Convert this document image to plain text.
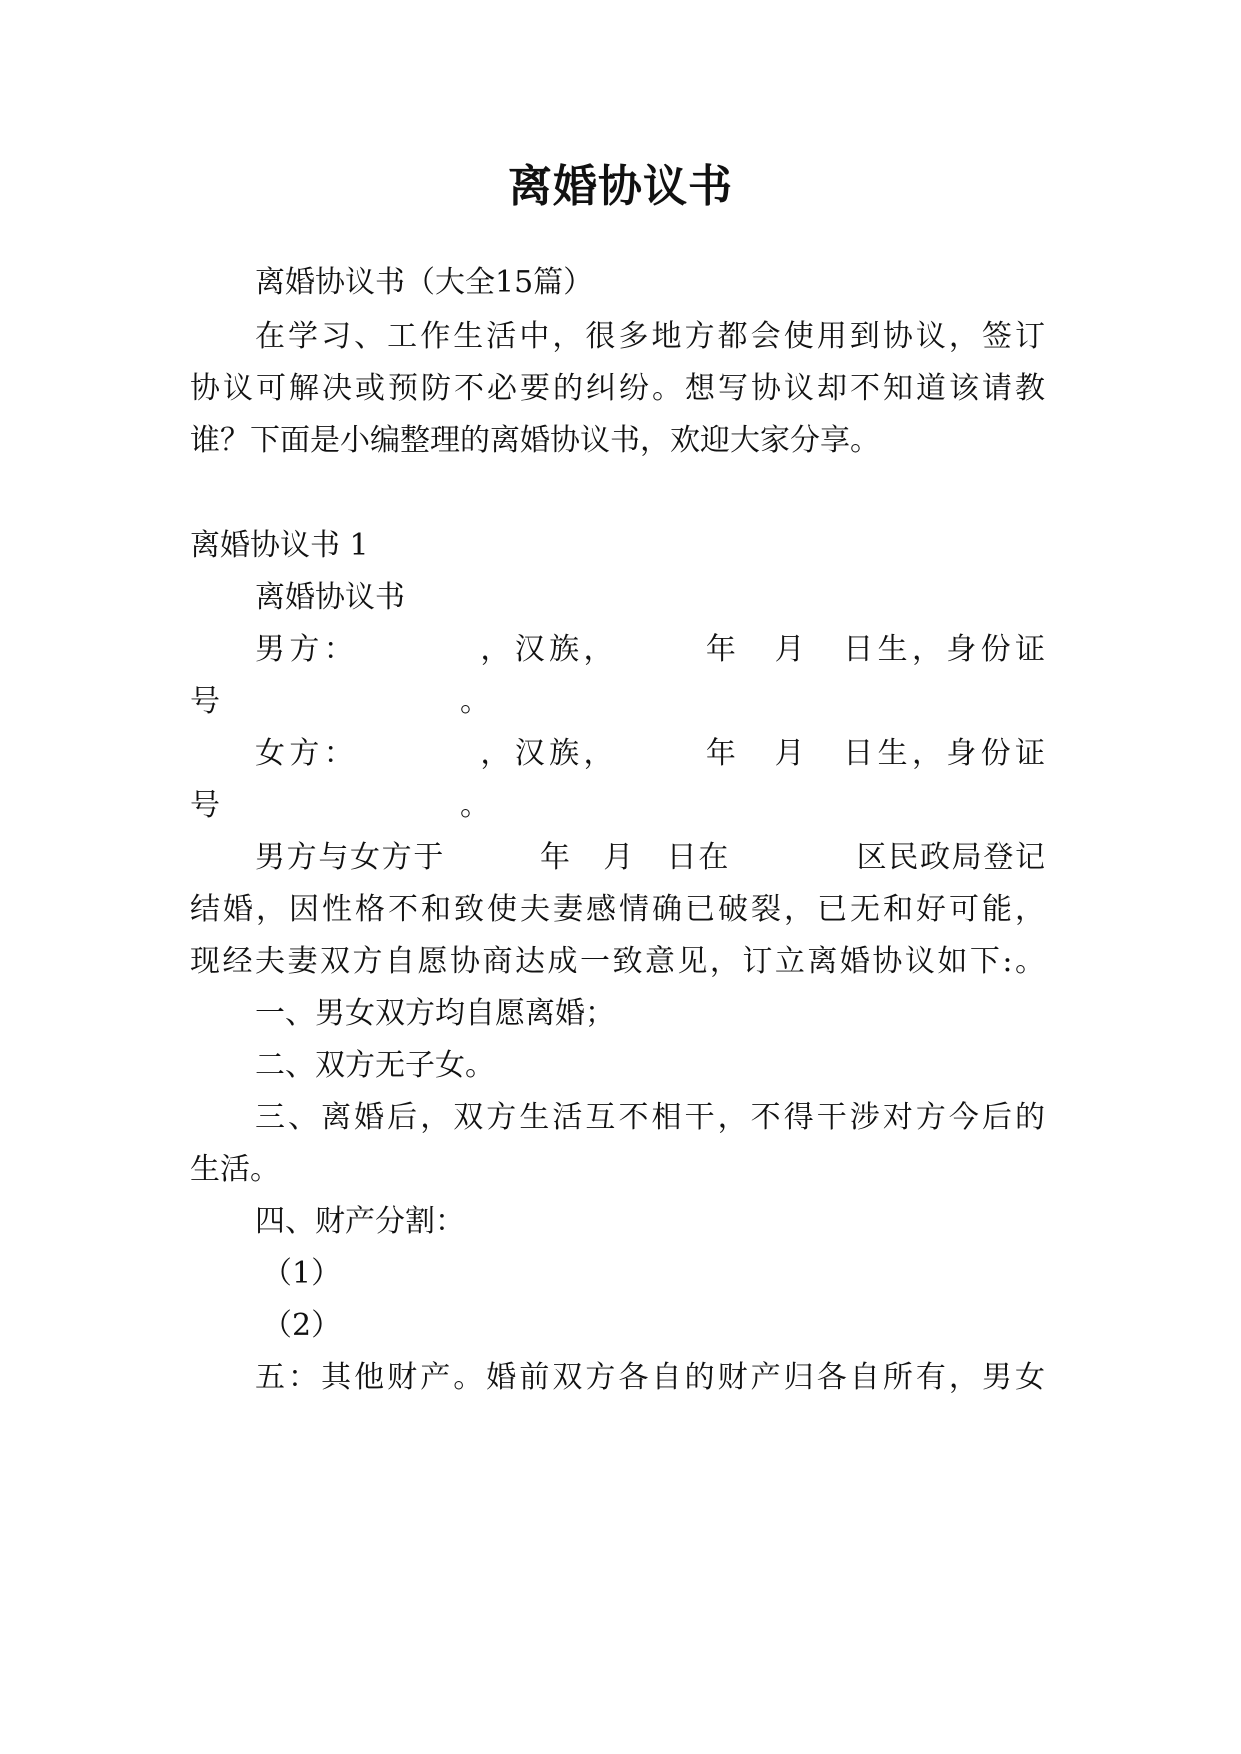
离婚协议书
离婚协议书（大全15篇）
在学习、工作生活中，很多地方都会使用到协议，签订
协议可解决或预防不必要的纠纷。想写协议却不知道该请教
谁？下面是小编整理的离婚协议书，欢迎大家分享。
离婚协议书 1
离婚协议书
男方：　　　　，汉族，　　　年　月　日生，身份证
号　　　　　　　　。
女方：　　　　，汉族，　　　年　月　日生，身份证
号　　　　　　　　。
男方与女方于　　　年　月　日在　　　　区民政局登记
结婚，因性格不和致使夫妻感情确已破裂，已无和好可能，
现经夫妻双方自愿协商达成一致意见，订立离婚协议如下:。
一、男女双方均自愿离婚；
二、双方无子女。
三、离婚后，双方生活互不相干，不得干涉对方今后的
生活。
四、财产分割：
（1）
（2）
五：其他财产。婚前双方各自的财产归各自所有，男女
